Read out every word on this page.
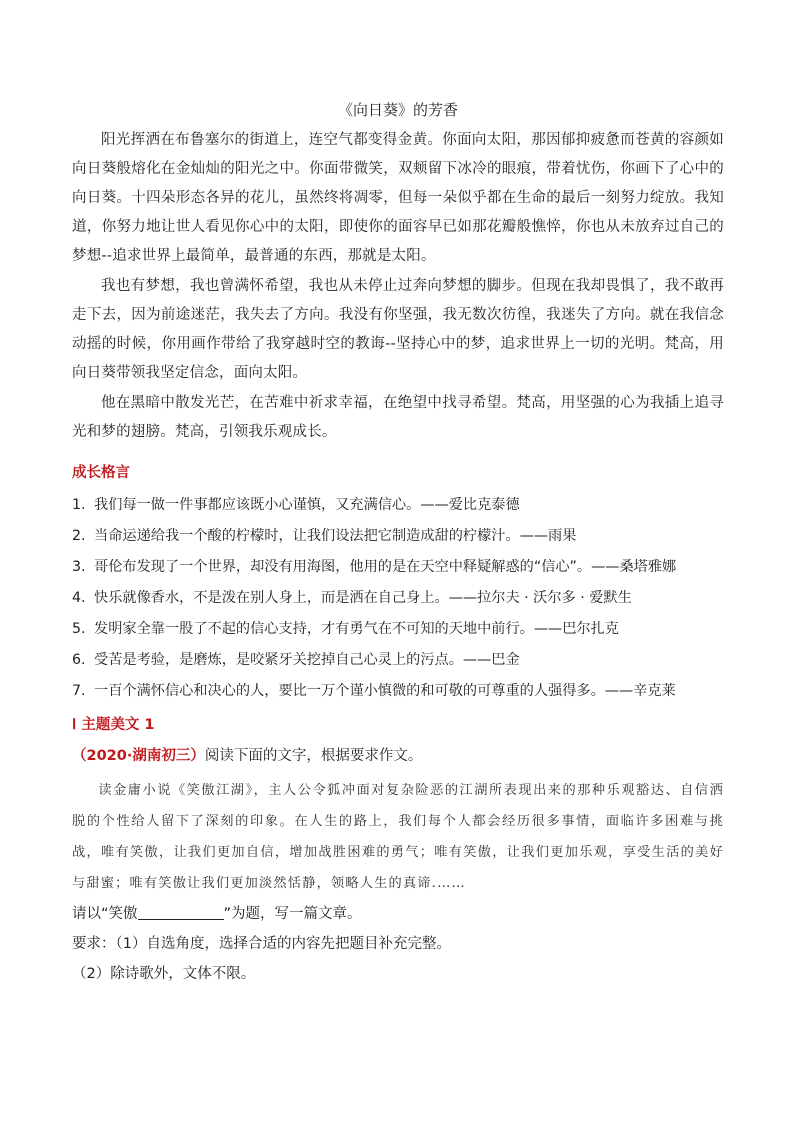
《向日葵》的芳香

阳光挥洒在布鲁塞尔的街道上，连空气都变得金黄。你面向太阳，那因郁抑疲惫而苍黄的容颜如向日葵般熔化在金灿灿的阳光之中。你面带微笑，双颊留下冰冷的眼痕，带着忧伤，你画下了心中的向日葵。十四朵形态各异的花儿，虽然终将凋零，但每一朵似乎都在生命的最后一刻努力绽放。我知道，你努力地让世人看见你心中的太阳，即使你的面容早已如那花瓣般憔悴，你也从未放弃过自己的梦想--追求世界上最简单，最普通的东西，那就是太阳。

我也有梦想，我也曾满怀希望，我也从未停止过奔向梦想的脚步。但现在我却畏惧了，我不敢再走下去，因为前途迷茫，我失去了方向。我没有你坚强，我无数次彷徨，我迷失了方向。就在我信念动摇的时候，你用画作带给了我穿越时空的教诲--坚持心中的梦，追求世界上一切的光明。梵高，用向日葵带领我坚定信念，面向太阳。

他在黑暗中散发光芒，在苦难中祈求幸福，在绝望中找寻希望。梵高，用坚强的心为我插上追寻光和梦的翅膀。梵高，引领我乐观成长。

成长格言
1. 我们每一做一件事都应该既小心谨慎，又充满信心。——爱比克泰德
2. 当命运递给我一个酸的柠檬时，让我们设法把它制造成甜的柠檬汁。——雨果
3. 哥伦布发现了一个世界，却没有用海图，他用的是在天空中释疑解惑的“信心”。——桑塔雅娜
4. 快乐就像香水，不是泼在别人身上，而是洒在自己身上。——拉尔夫 · 沃尔多 · 爱默生
5. 发明家全靠一股了不起的信心支持，才有勇气在不可知的天地中前行。——巴尔扎克
6. 受苦是考验，是磨炼，是咬紧牙关挖掉自己心灵上的污点。——巴金
7. 一百个满怀信心和决心的人，要比一万个谨小慎微的和可敬的可尊重的人强得多。——辛克莱
Ⅰ 主题美文 1
（2020·湖南初三）阅读下面的文字，根据要求作文。

读金庸小说《笑傲江湖》，主人公令狐冲面对复杂险恶的江湖所表现出来的那种乐观豁达、自信洒脱的个性给人留下了深刻的印象。在人生的路上，我们每个人都会经历很多事情，面临许多困难与挑战，唯有笑傲，让我们更加自信，增加战胜困难的勇气；唯有笑傲，让我们更加乐观，享受生活的美好与甜蜜；唯有笑傲让我们更加淡然恬静，领略人生的真谛.……

请以“笑傲	”为题，写一篇文章。
要求：（1）自选角度，选择合适的内容先把题目补充完整。
（2）除诗歌外，文体不限。
